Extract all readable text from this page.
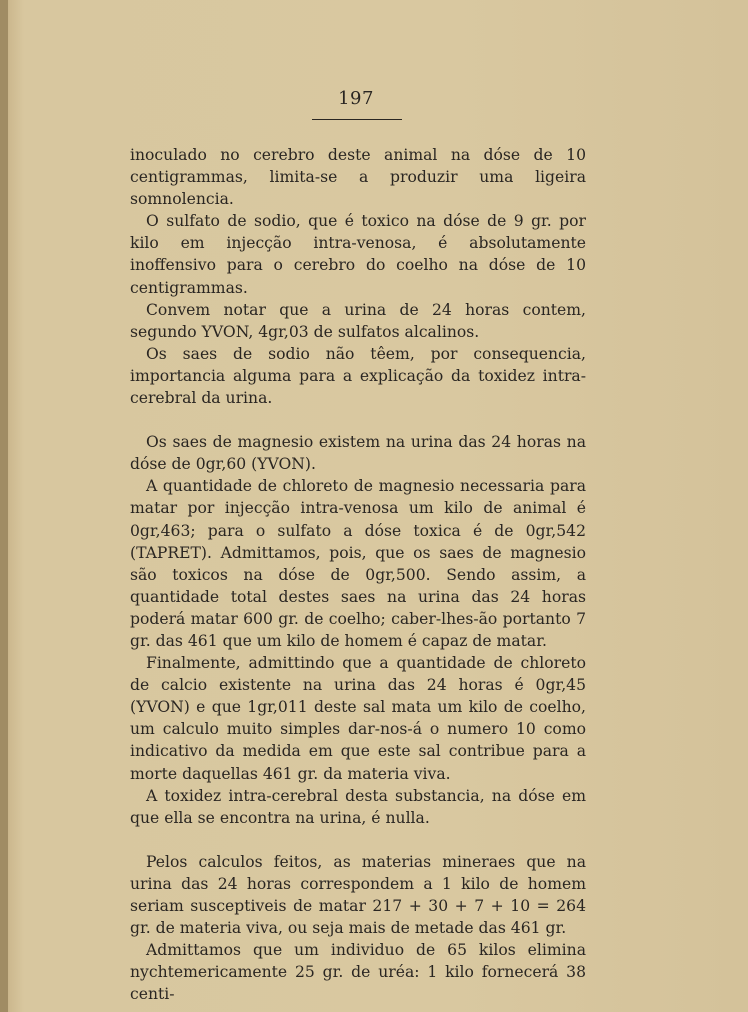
197

inoculado no cerebro deste animal na dóse de 10 centigrammas, limita-se a produzir uma ligeira somnolencia.

O sulfato de sodio, que é toxico na dóse de 9 gr. por kilo em injecção intra-venosa, é absolutamente inoffensivo para o cerebro do coelho na dóse de 10 centigrammas.

Convem notar que a urina de 24 horas contem, segundo YVON, 4gr,03 de sulfatos alcalinos.

Os saes de sodio não têem, por consequencia, importancia alguma para a explicação da toxidez intra-cerebral da urina.

Os saes de magnesio existem na urina das 24 horas na dóse de 0gr,60 (YVON).

A quantidade de chloreto de magnesio necessaria para matar por injecção intra-venosa um kilo de animal é 0gr,463; para o sulfato a dóse toxica é de 0gr,542 (TAPRET). Admittamos, pois, que os saes de magnesio são toxicos na dóse de 0gr,500. Sendo assim, a quantidade total destes saes na urina das 24 horas poderá matar 600 gr. de coelho; caber-lhes-ão portanto 7 gr. das 461 que um kilo de homem é capaz de matar.

Finalmente, admittindo que a quantidade de chloreto de calcio existente na urina das 24 horas é 0gr,45 (YVON) e que 1gr,011 deste sal mata um kilo de coelho, um calculo muito simples dar-nos-á o numero 10 como indicativo da medida em que este sal contribue para a morte daquellas 461 gr. da materia viva.

A toxidez intra-cerebral desta substancia, na dóse em que ella se encontra na urina, é nulla.

Pelos calculos feitos, as materias mineraes que na urina das 24 horas correspondem a 1 kilo de homem seriam susceptiveis de matar 217 + 30 + 7 + 10 = 264 gr. de materia viva, ou seja mais de metade das 461 gr.

Admittamos que um individuo de 65 kilos elimina nychtemericamente 25 gr. de uréa: 1 kilo fornecerá 38 centi-
